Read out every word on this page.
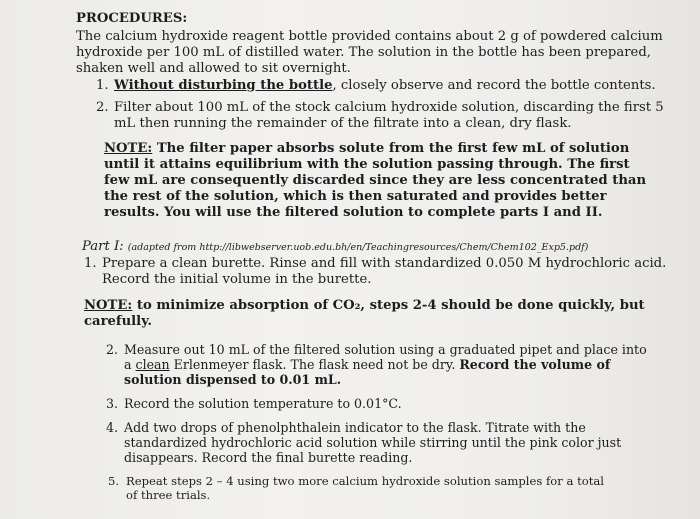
PROCEDURES:
The calcium hydroxide reagent bottle provided contains about 2 g of powdered calcium
hydroxide per 100 mL of distilled water. The solution in the bottle has been prepared,
shaken well and allowed to sit overnight.
1. Without disturbing the bottle, closely observe and record the bottle contents.
2. Filter about 100 mL of the stock calcium hydroxide solution, discarding the first 5
mL then running the remainder of the filtrate into a clean, dry flask.
NOTE: The filter paper absorbs solute from the first few mL of solution
until it attains equilibrium with the solution passing through. The first
few mL are consequently discarded since they are less concentrated than
the rest of the solution, which is then saturated and provides better
results. You will use the filtered solution to complete parts I and II.
Part I: (adapted from http://libwebserver.uob.edu.bh/en/Teachingresources/Chem/Chem102_Exp5.pdf)
1. Prepare a clean burette. Rinse and fill with standardized 0.050 M hydrochloric acid.
Record the initial volume in the burette.
NOTE: to minimize absorption of CO₂, steps 2-4 should be done quickly, but
carefully.
2. Measure out 10 mL of the filtered solution using a graduated pipet and place into
a clean Erlenmeyer flask. The flask need not be dry. Record the volume of
solution dispensed to 0.01 mL.
3. Record the solution temperature to 0.01°C.
4. Add two drops of phenolphthalein indicator to the flask. Titrate with the
standardized hydrochloric acid solution while stirring until the pink color just
disappears. Record the final burette reading.
5. Repeat steps 2 – 4 using two more calcium hydroxide solution samples for a total
of three trials.
